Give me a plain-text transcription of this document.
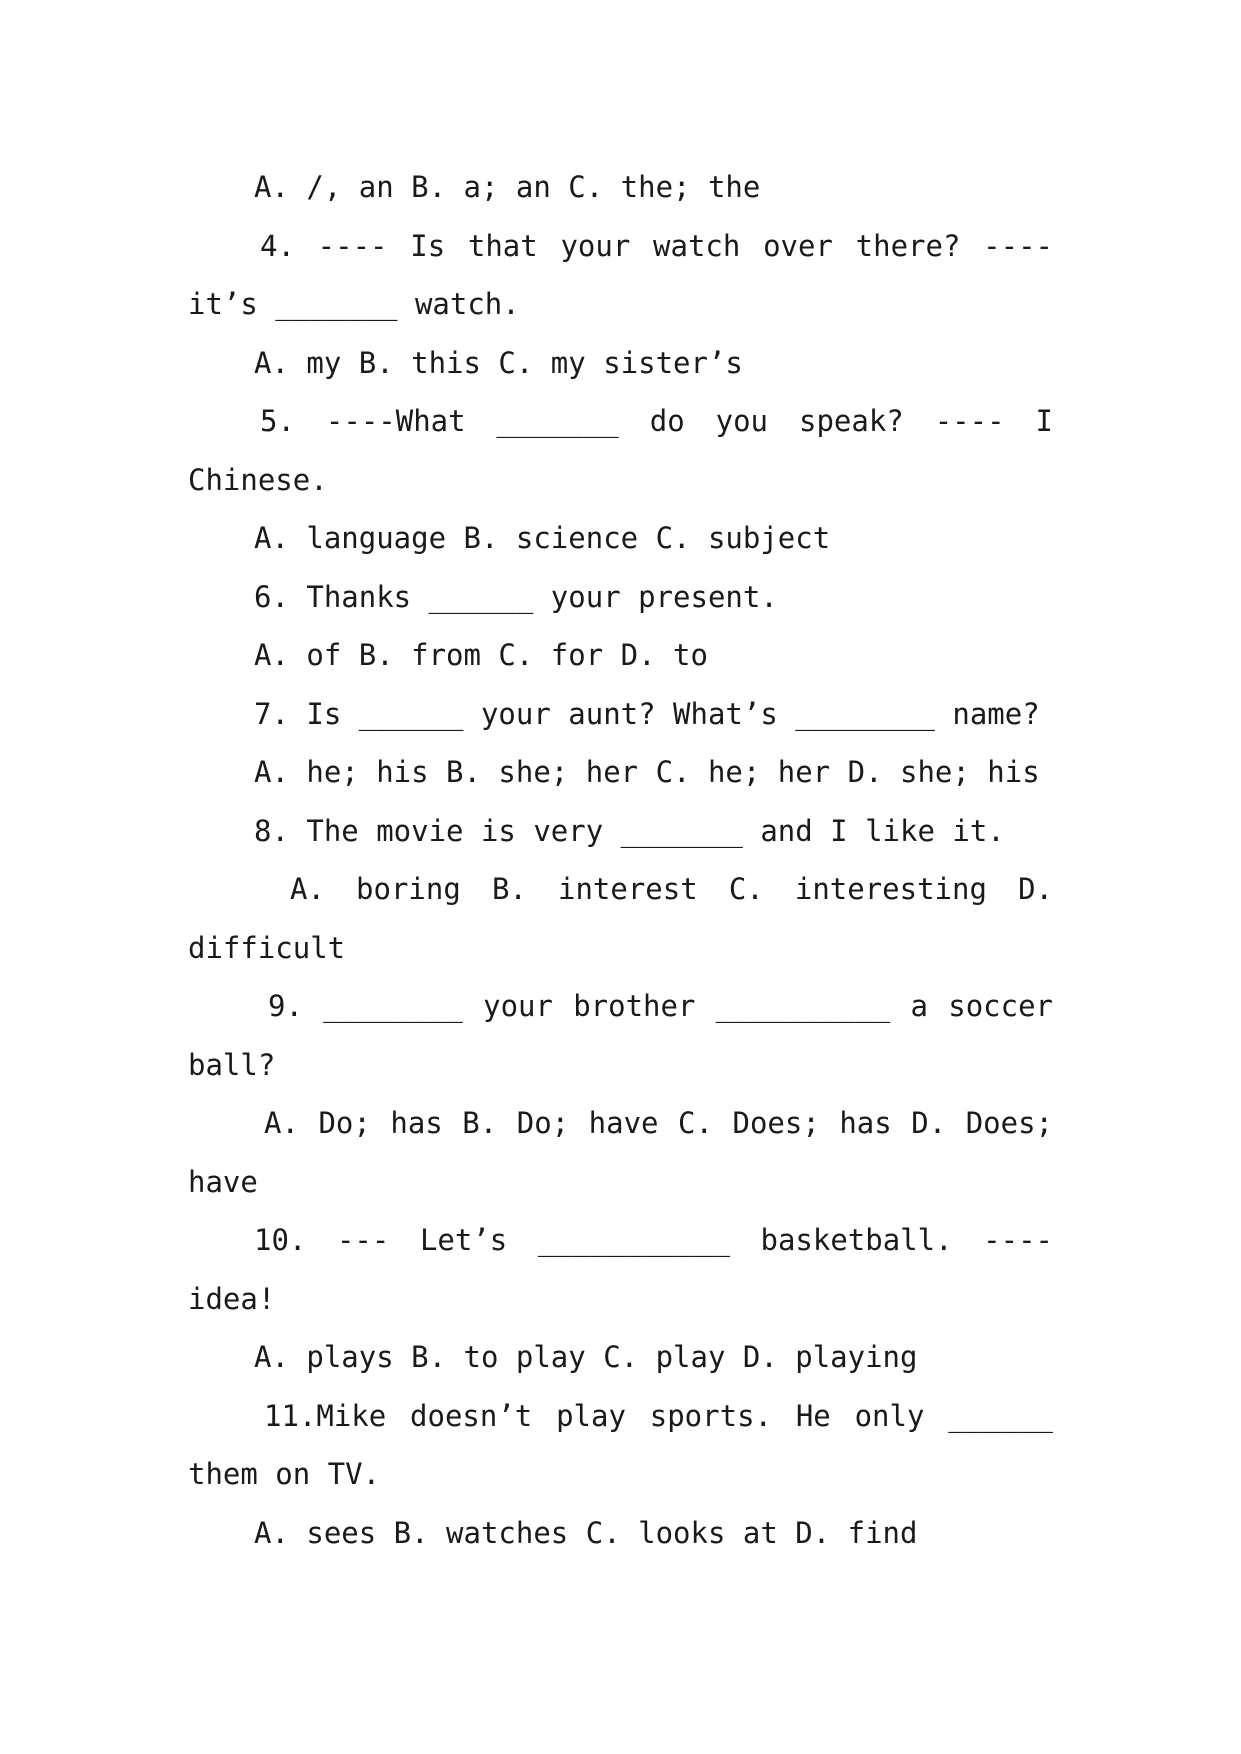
A. /, an B. a; an C. the; the
4. ---- Is that your watch over there? ----
it’s _______ watch.
A. my B. this C. my sister’s
5. ----What _______ do you speak? ---- I
Chinese.
A. language B. science C. subject
6. Thanks ______ your present.
A. of B. from C. for D. to
7. Is ______ your aunt? What’s ________ name?
A. he; his B. she; her C. he; her D. she; his
8. The movie is very _______ and I like it.
A. boring B. interest C. interesting D.
difficult
9. ________ your brother __________ a soccer
ball?
A. Do; has B. Do; have C. Does; has D. Does;
have
10. --- Let’s ___________ basketball. ----
idea!
A. plays B. to play C. play D. playing
11.Mike doesn’t play sports. He only ______
them on TV.
A. sees B. watches C. looks at D. find
